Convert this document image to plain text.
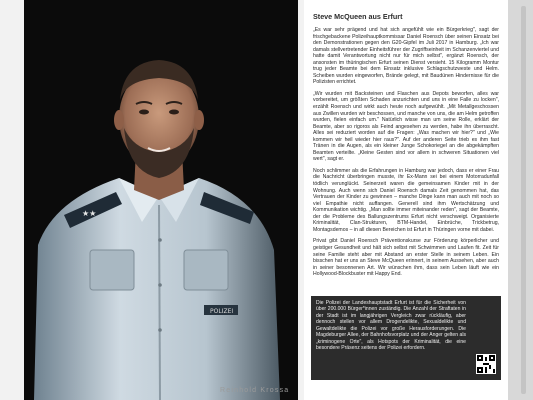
★★
POLIZEI
Reinhold Krossa
Steve McQueen aus Erfurt

„Es war sehr prägend und hat sich angefühlt wie ein Bürgerkrieg", sagt der frischgebackene Polizeihauptkommissar Daniel Roensch über seinen Einsatz bei den Demonstrationen gegen den G20-Gipfel im Juli 2017 in Hamburg. „Ich war damals stellvertretender Einheitsführer der Zugriffseinheit im Schanzenviertel und hatte damit Verantwortung nicht nur für mich selbst", ergänzt Roensch, der ansonsten im thüringischen Erfurt seinen Dienst versieht. 15 Kilogramm Montur trug jeder Beamte bei dem Einsatz inklusive Schlagschutzweste und Helm. Scheiben wurden eingeworfen, Brände gelegt, mit Baudünen Hindernisse für die Polizisten errichtet.

„Wir wurden mit Backsteinen und Flaschen aus Depots beworfen, alles war vorbereitet, um größten Schaden anzurichten und uns in eine Falle zu locken", erzählt Roensch und wirkt auch heute noch aufgewühlt. „Mit Metallgeschossen aus Zwillen wurden wir beschossen, und manche von uns, die am Helm getroffen wurden, fielen einfach um." Natürlich wisse man um seine Rolle, erklärt der Beamte, aber so rigoros als Feind angesehen zu werden, habe ihn überrascht. Alles sei reduziert worden auf die Fragen: „Was machen wir hier?" und „Wie kommen wir heil wieder hier raus?". Auf der anderen Seite trieb es ihm fast Tränen in die Augen, als ein kleiner Junge Schokoriegel an die abgekämpften Beamten verteilte. „Kleine Gesten sind vor allem in schweren Situationen viel wert", sagt er.

Noch schlimmer als die Erfahrungen in Hamburg war jedoch, dass er einer Frau die Nachricht überbringen musste, ihr Ex-Mann sei bei einem Motorradunfall tödlich verunglückt. Seinerzeit waren die gemeinsamen Kinder mit in der Wohnung. Auch wenn sich Daniel Roensch damals Zeit genommen hat, das Vertrauen der Kinder zu gewinnen – manche Dinge kann man auch mit noch so viel Empathie nicht auffangen. Generell sind ihm Wertschätzung und Kommunikation wichtig. „Man sollte immer miteinander reden", sagt der Beamte, der die Probleme des Ballungszentrums Erfurt nicht verschweigt. Organisierte Kriminalität, Clan-Strukturen, BTM-Handel, Einbrüche, Trickbetrug, Montagsdemos – in all diesen Bereichen ist Erfurt in Thüringen vorne mit dabei.

Privat gibt Daniel Roensch Präventionskurse zur Förderung körperlicher und geistiger Gesundheit und hält sich selbst mit Schwimmen und Laufen fit. Zeit für seine Familie steht aber mit Abstand an erster Stelle in seinem Leben. Ein bisschen hat er uns an Steve McQueen erinnert, in seinem Aussehen, aber auch in seiner besonnenen Art. Wir wünschen ihm, dass sein Leben läuft wie ein Hollywood-Blockbuster mit Happy End.

Die Polizei der Landeshauptstadt Erfurt ist für die Sicherheit von über 200.000 Bürger*innen zuständig. Die Anzahl der Straftaten in der Stadt ist im langjährigen Vergleich zwar rückläufig, aber dennoch stellen vor allem Drogendelikte, Sexualdelikte und Gewaltdelikte die Polizei vor große Herausforderungen. Die Magdeburger Allee, der Bahnhofsvorplatz und der Anger gelten als „kriminogene Orte", als Hotspots der Kriminalität, die eine besondere Präsenz seitens der Polizei erfordern.
